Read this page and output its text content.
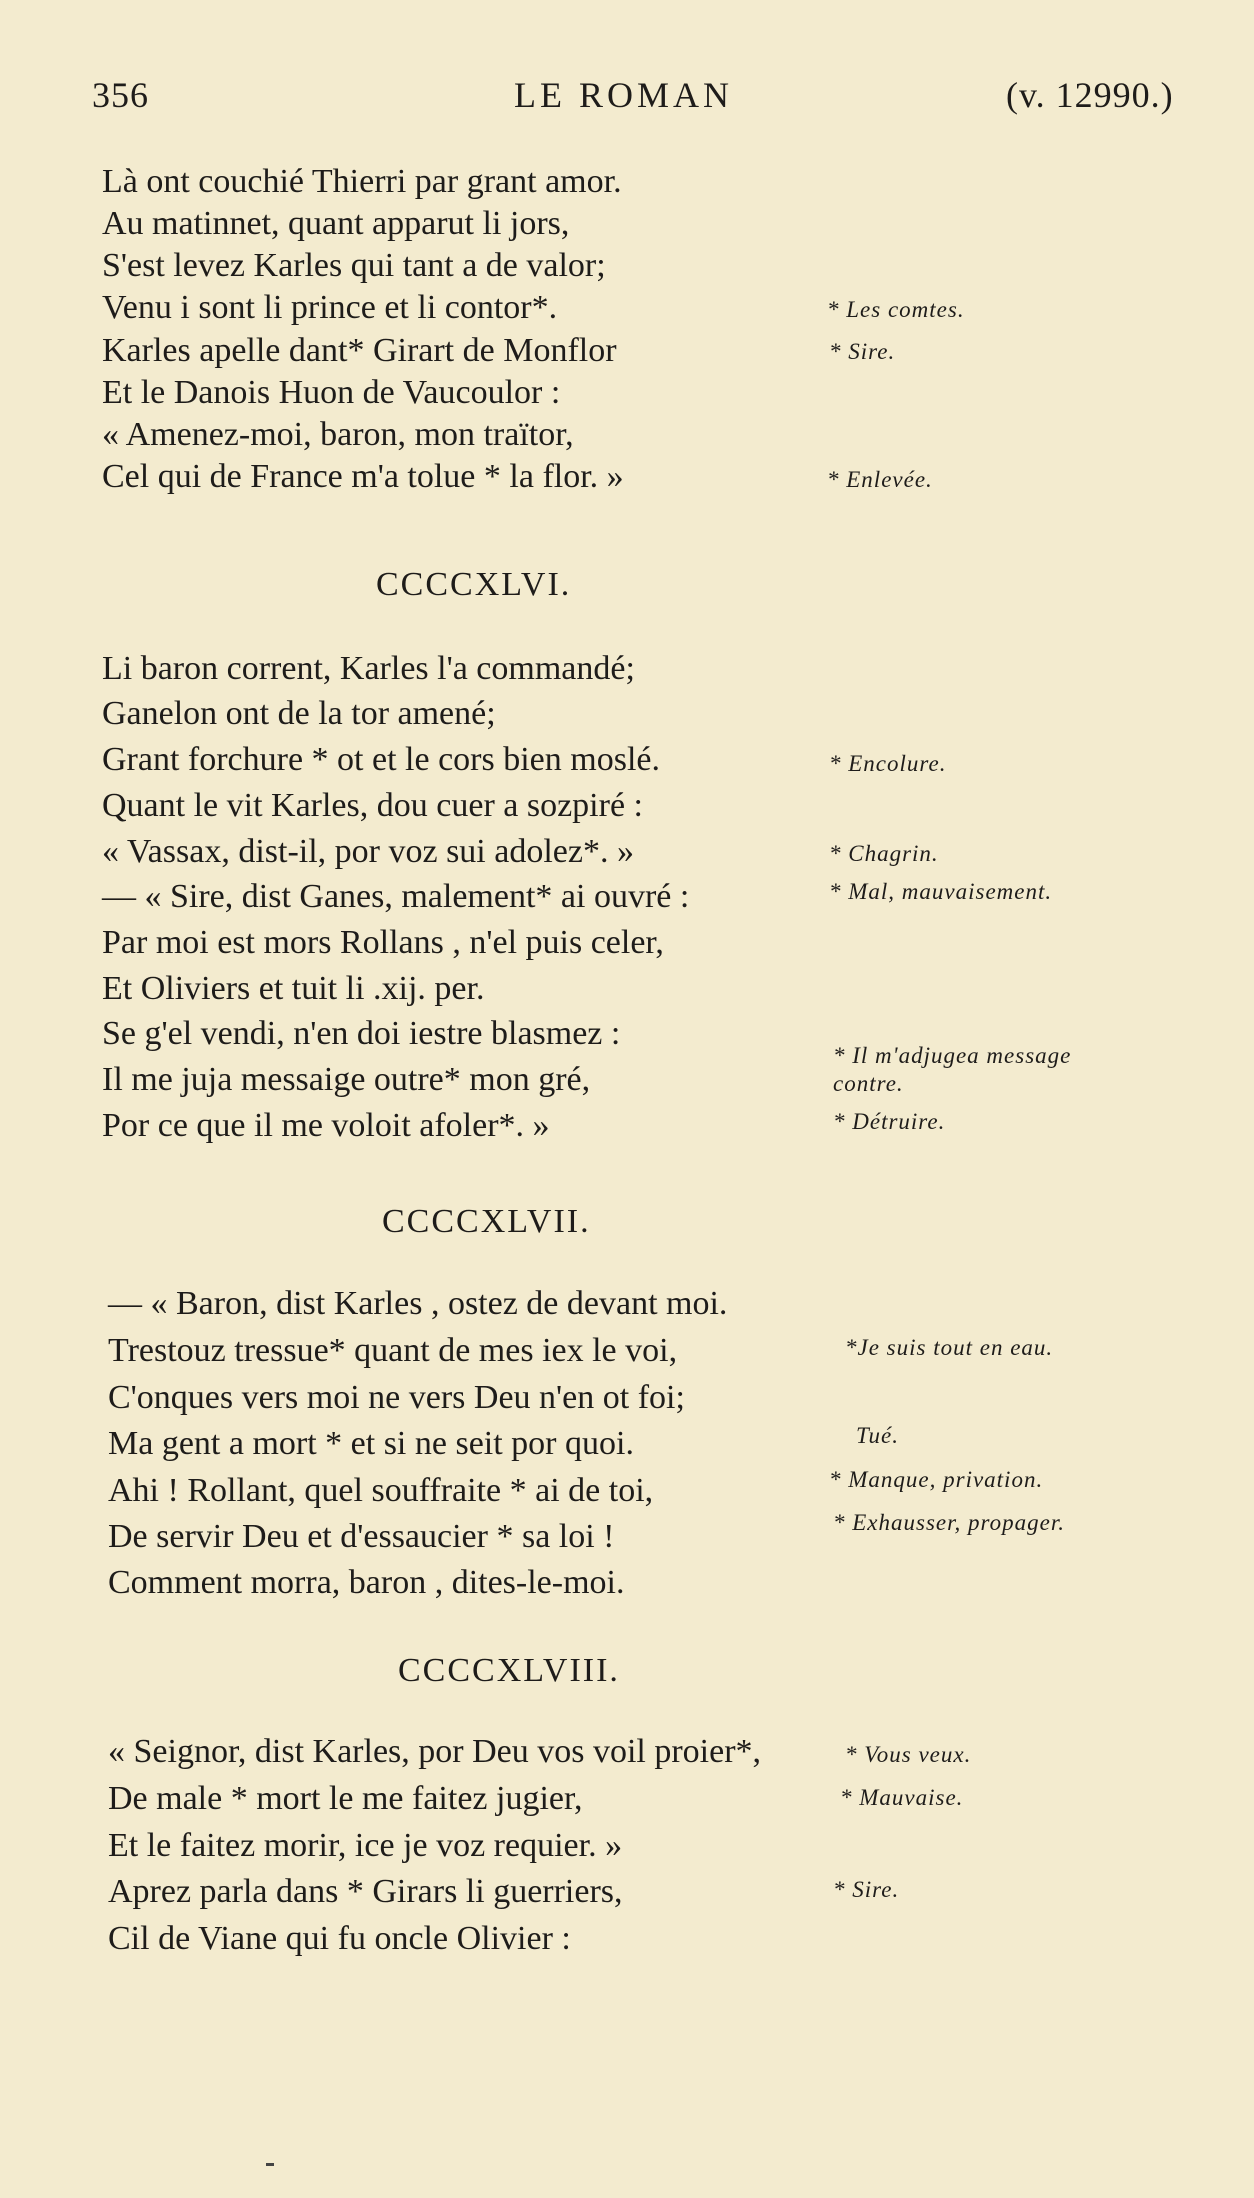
356	LE ROMAN	(v. 12990.)
Là ont couchié Thierri par grant amor.
Au matinnet, quant apparut li jors,
S'est levez Karles qui tant a de valor;
Venu i sont li prince et li contor*.
Karles apelle dant* Girart de Monflor
Et le Danois Huon de Vaucoulor :
« Amenez-moi, baron, mon traïtor,
Cel qui de France m'a tolue * la flor. »
* Les comtes.
* Sire.
* Enlevée.
CCCCXLVI.
Li baron corrent, Karles l'a commandé;
Ganelon ont de la tor amené;
Grant forchure * ot et le cors bien moslé.
Quant le vit Karles, dou cuer a sozpiré :
« Vassax, dist-il, por voz sui adolez*. »
— « Sire, dist Ganes, malement* ai ouvré :
Par moi est mors Rollans , n'el puis celer,
Et Oliviers et tuit li .xij. per.
Se g'el vendi, n'en doi iestre blasmez :
Il me juja messaige outre* mon gré,
Por ce que il me voloit afoler*. »
* Encolure.
* Chagrin.
* Mal, mauvaisement.
* Il m'adjugea message
contre.
* Détruire.
CCCCXLVII.
— « Baron, dist Karles , ostez de devant moi.
Trestouz tressue* quant de mes iex le voi,
C'onques vers moi ne vers Deu n'en ot foi;
Ma gent a mort * et si ne seit por quoi.
Ahi ! Rollant, quel souffraite * ai de toi,
De servir Deu et d'essaucier * sa loi !
Comment morra, baron , dites-le-moi.
*Je suis tout en eau.
Tué.
* Manque, privation.
* Exhausser, propager.
CCCCXLVIII.
« Seignor, dist Karles, por Deu vos voil proier*,
De male * mort le me faitez jugier,
Et le faitez morir, ice je voz requier. »
Aprez parla dans * Girars li guerriers,
Cil de Viane qui fu oncle Olivier :
* Vous veux.
* Mauvaise.
* Sire.
